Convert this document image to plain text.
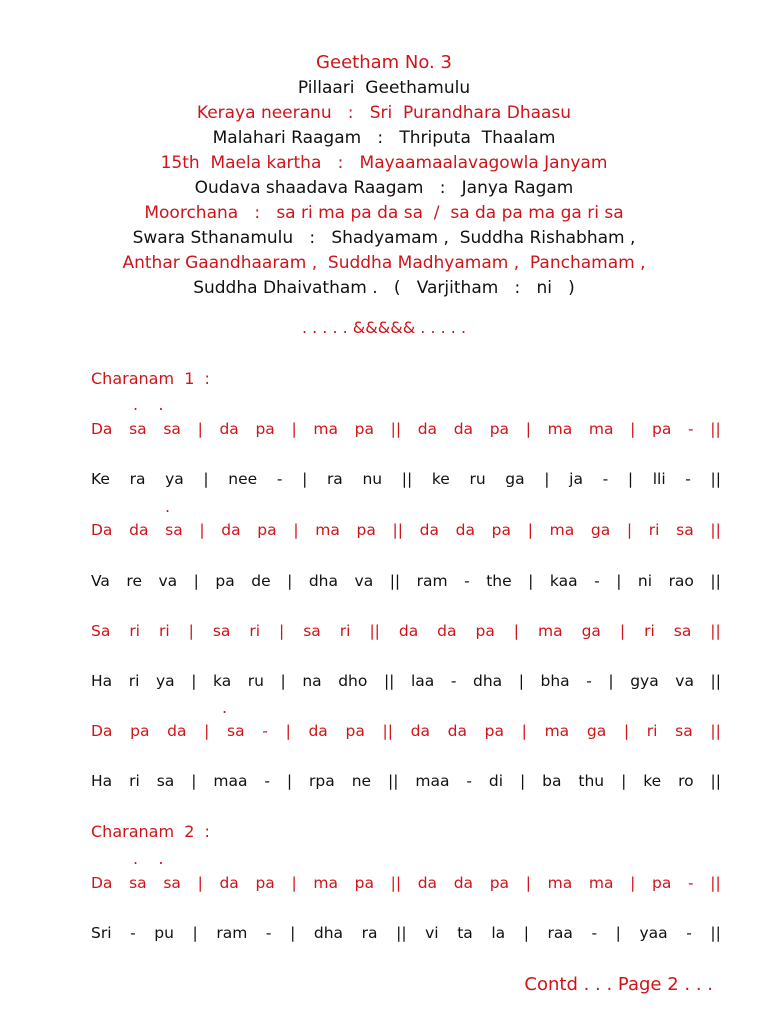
Geetham No. 3
Pillaari  Geethamulu
Keraya neeranu   :   Sri  Purandhara Dhaasu
Malahari Raagam   :   Thriputa  Thaalam
15th  Maela kartha   :   Mayaamaalavagowla Janyam
Oudava shaadava Raagam   :   Janya Ragam
Moorchana   :   sa ri ma pa da sa  /  sa da pa ma ga ri sa
Swara Sthanamulu   :   Shadyamam ,  Suddha Rishabham ,
Anthar Gaandhaaram ,  Suddha Madhyamam ,  Panchamam ,
Suddha Dhaivatham .   (   Varjitham   :   ni   )
. . . . . &&&&& . . . . .
Charanam  1  :
.    .
Da sa sa | da pa | ma pa || da da pa | ma ma | pa - ||
Ke ra ya | nee - | ra nu || ke ru ga | ja - | lli - ||
.
Da da sa | da pa | ma pa || da da pa | ma ga | ri sa ||
Va re va | pa de | dha va || ram - the | kaa - | ni rao ||
Sa ri ri | sa ri | sa ri || da da pa | ma ga | ri sa ||
Ha ri ya | ka ru | na dho || laa - dha | bha - | gya va ||
.
Da pa da | sa - | da pa || da da pa | ma ga | ri sa ||
Ha ri sa | maa - | rpa ne || maa - di | ba thu | ke ro ||
Charanam  2  :
.    .
Da sa sa | da pa | ma pa || da da pa | ma ma | pa - ||
Sri - pu | ram - | dha ra || vi ta la | raa - | yaa - ||
Contd . . . Page 2 . . .
